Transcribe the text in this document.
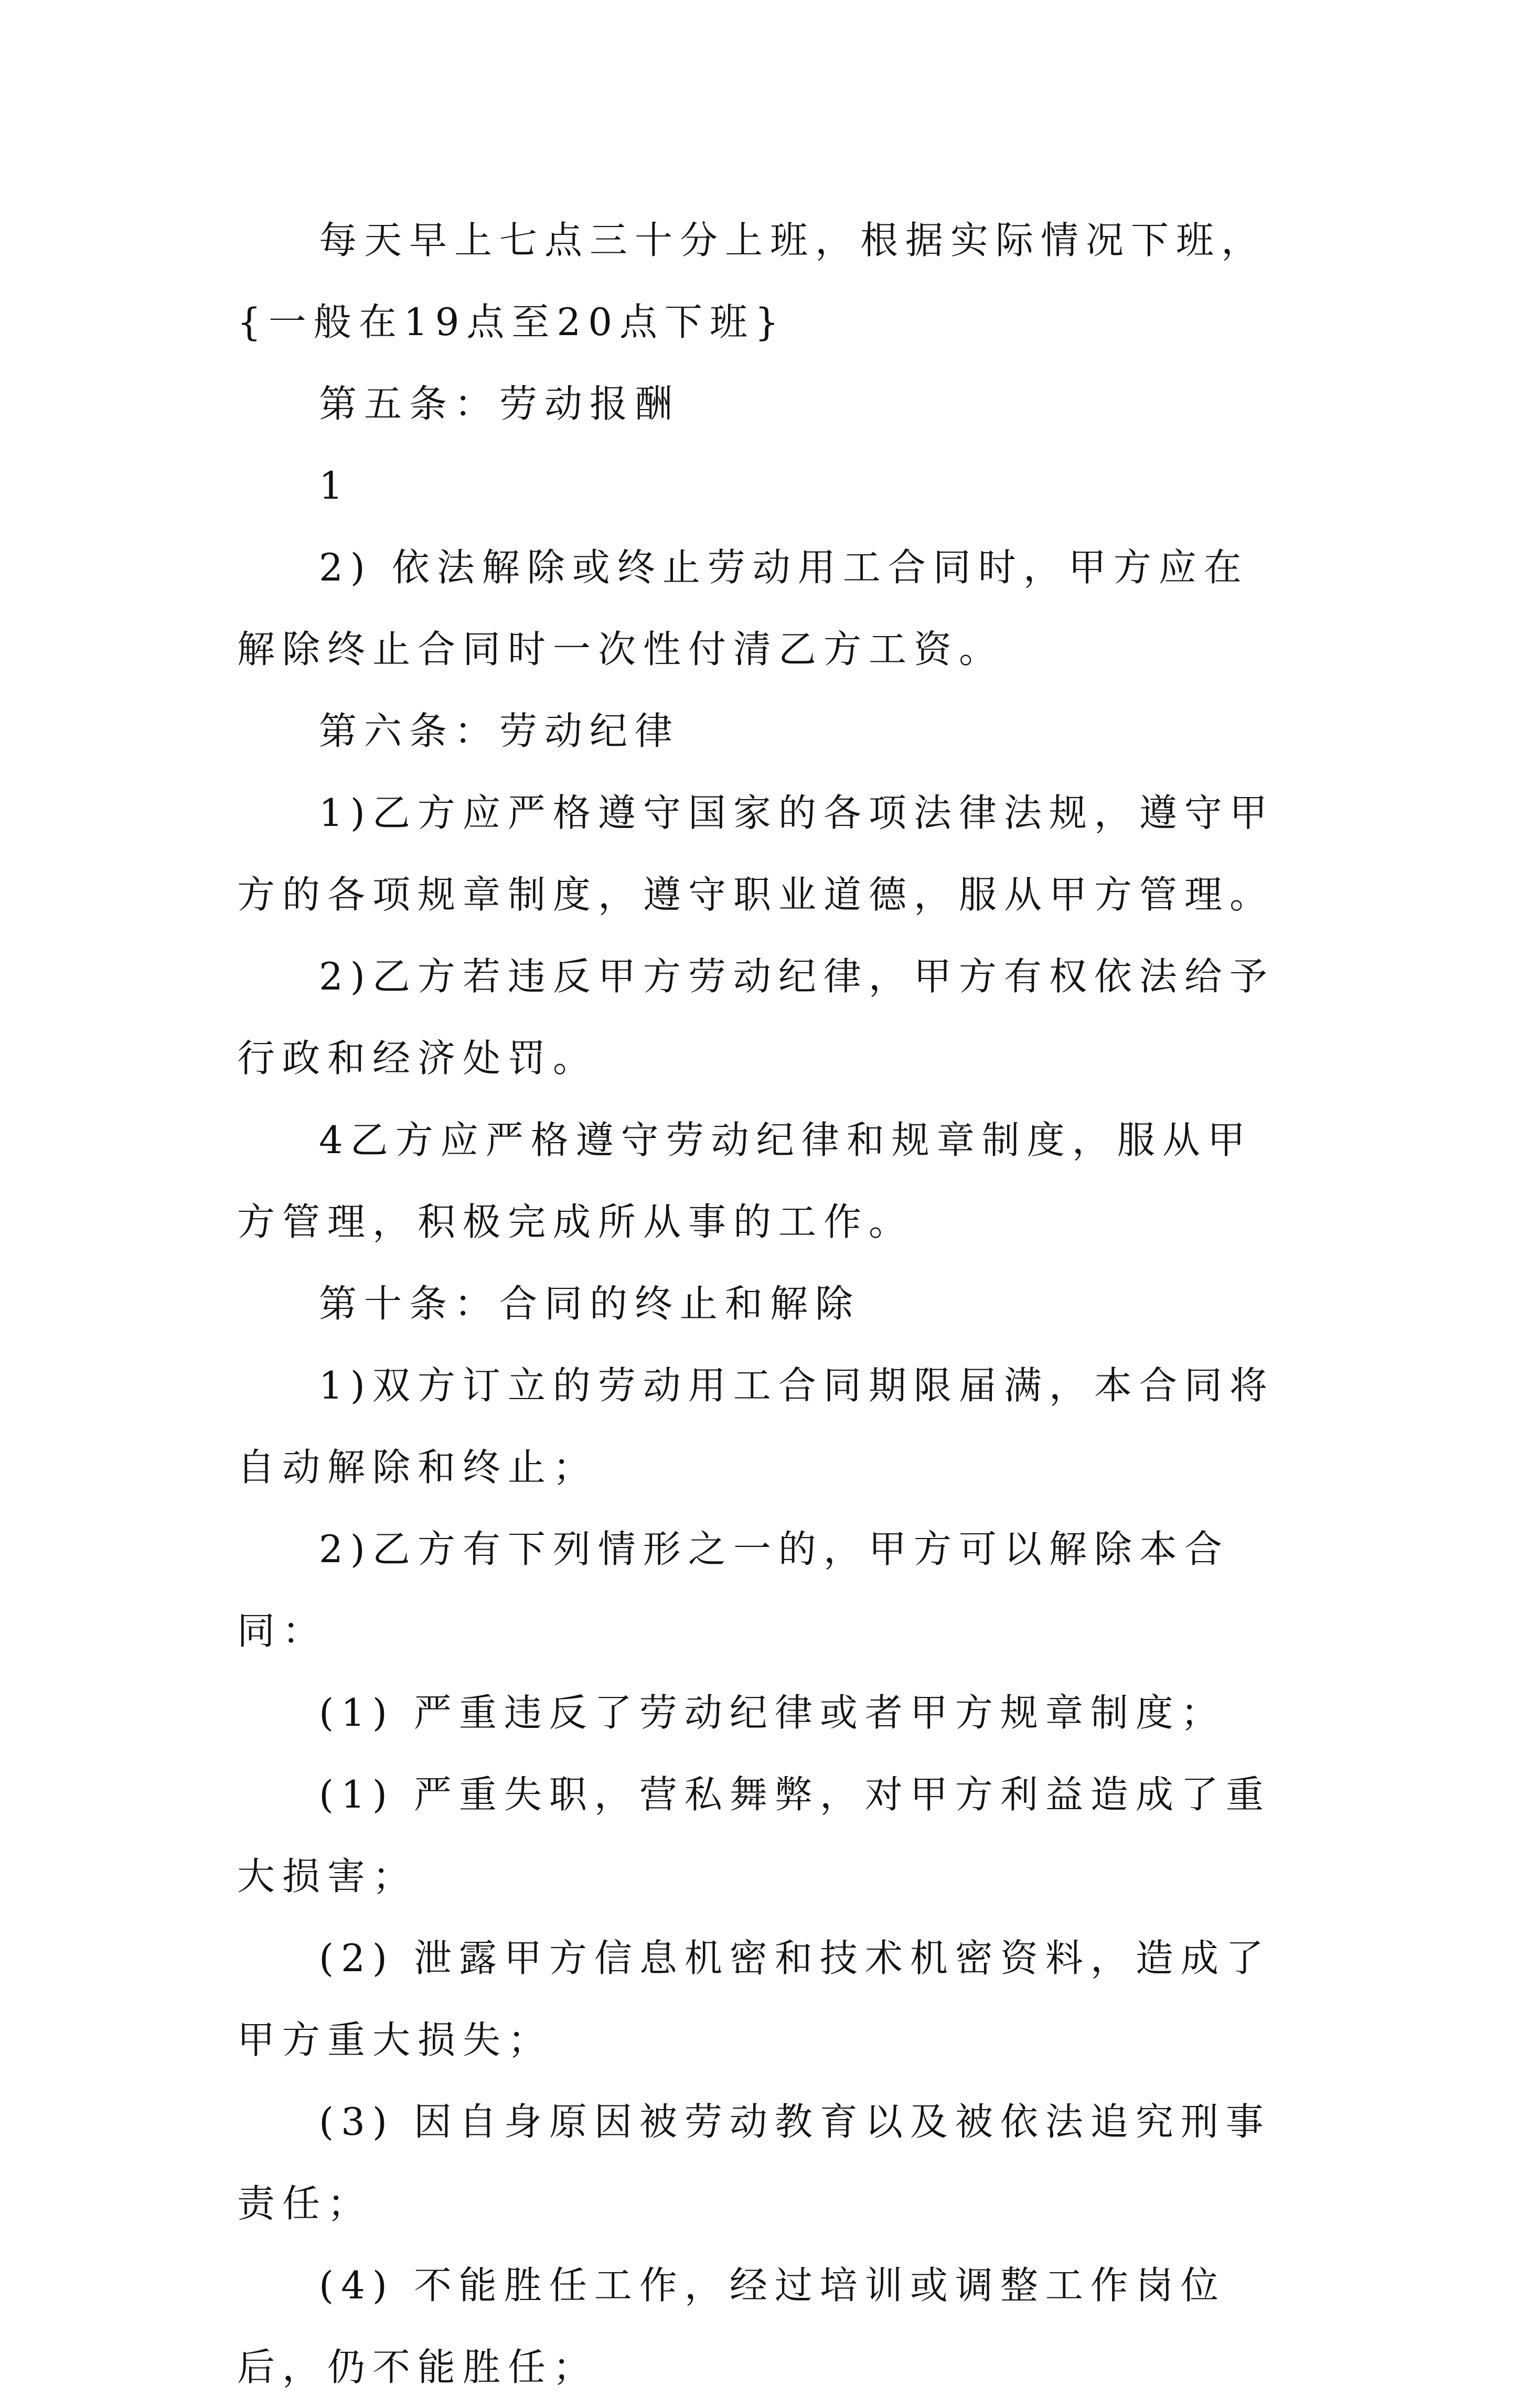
每天早上七点三十分上班，根据实际情况下班，{一般在19点至20点下班}

第五条：劳动报酬

1

2) 依法解除或终止劳动用工合同时，甲方应在解除终止合同时一次性付清乙方工资。

第六条：劳动纪律

1)乙方应严格遵守国家的各项法律法规，遵守甲方的各项规章制度，遵守职业道德，服从甲方管理。

2)乙方若违反甲方劳动纪律，甲方有权依法给予行政和经济处罚。

4乙方应严格遵守劳动纪律和规章制度，服从甲方管理，积极完成所从事的工作。

第十条：合同的终止和解除

1)双方订立的劳动用工合同期限届满，本合同将自动解除和终止；

2)乙方有下列情形之一的，甲方可以解除本合同：

(1) 严重违反了劳动纪律或者甲方规章制度；

(1) 严重失职，营私舞弊，对甲方利益造成了重大损害；

(2) 泄露甲方信息机密和技术机密资料，造成了甲方重大损失；

(3) 因自身原因被劳动教育以及被依法追究刑事责任；

(4) 不能胜任工作，经过培训或调整工作岗位后，仍不能胜任；
